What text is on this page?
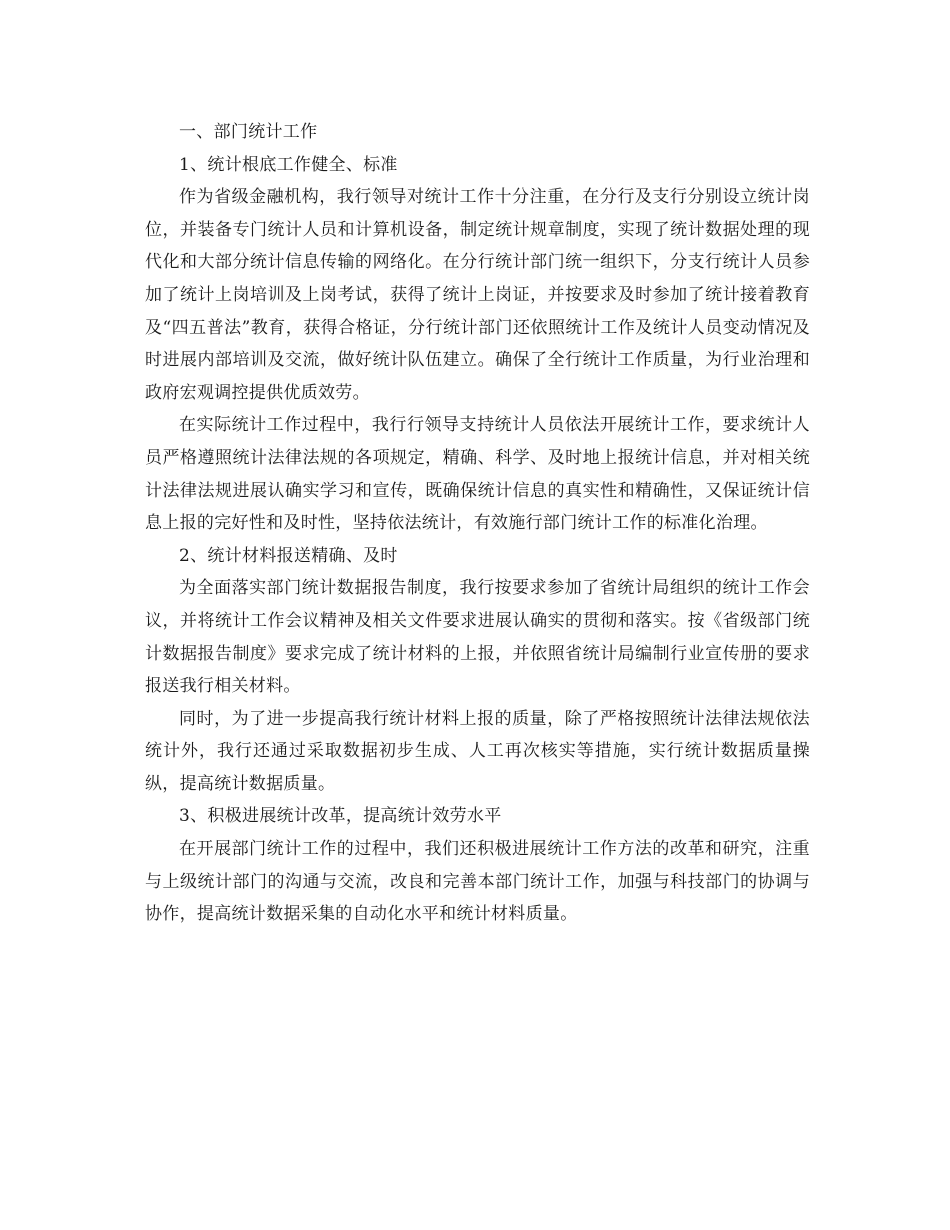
一、部门统计工作

1、统计根底工作健全、标准

作为省级金融机构，我行领导对统计工作十分注重，在分行及支行分别设立统计岗位，并装备专门统计人员和计算机设备，制定统计规章制度，实现了统计数据处理的现代化和大部分统计信息传输的网络化。在分行统计部门统一组织下，分支行统计人员参加了统计上岗培训及上岗考试，获得了统计上岗证，并按要求及时参加了统计接着教育及“四五普法”教育，获得合格证，分行统计部门还依照统计工作及统计人员变动情况及时进展内部培训及交流，做好统计队伍建立。确保了全行统计工作质量，为行业治理和政府宏观调控提供优质效劳。

在实际统计工作过程中，我行行领导支持统计人员依法开展统计工作，要求统计人员严格遵照统计法律法规的各项规定，精确、科学、及时地上报统计信息，并对相关统计法律法规进展认确实学习和宣传，既确保统计信息的真实性和精确性，又保证统计信息上报的完好性和及时性，坚持依法统计，有效施行部门统计工作的标准化治理。

2、统计材料报送精确、及时

为全面落实部门统计数据报告制度，我行按要求参加了省统计局组织的统计工作会议，并将统计工作会议精神及相关文件要求进展认确实的贯彻和落实。按《省级部门统计数据报告制度》要求完成了统计材料的上报，并依照省统计局编制行业宣传册的要求报送我行相关材料。

同时，为了进一步提高我行统计材料上报的质量，除了严格按照统计法律法规依法统计外，我行还通过采取数据初步生成、人工再次核实等措施，实行统计数据质量操纵，提高统计数据质量。

3、积极进展统计改革，提高统计效劳水平

在开展部门统计工作的过程中，我们还积极进展统计工作方法的改革和研究，注重与上级统计部门的沟通与交流，改良和完善本部门统计工作，加强与科技部门的协调与协作，提高统计数据采集的自动化水平和统计材料质量。
